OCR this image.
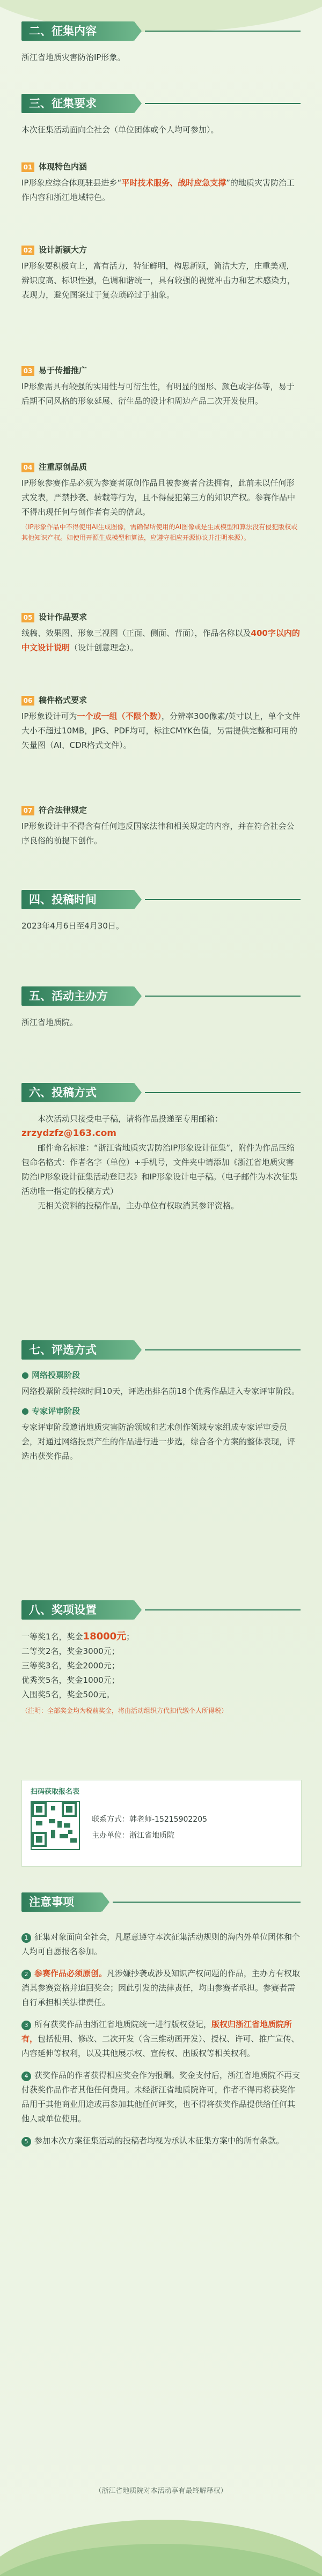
二、征集内容
浙江省地质灾害防治IP形象。
三、征集要求
本次征集活动面向全社会（单位团体或个人均可参加）。
01 体现特色内涵
IP形象应综合体现驻县进乡“平时技术服务、战时应急支撑”的地质灾害防治工作内容和浙江地域特色。
02 设计新颖大方
IP形象要积极向上，富有活力，特征鲜明，构思新颖，简洁大方，庄重美观，辨识度高、标识性强，色调和谐统一，具有较强的视觉冲击力和艺术感染力，表现力，避免图案过于复杂琐碎过于抽象。
03 易于传播推广
IP形象需具有较强的实用性与可衍生性，有明显的图形、颜色或字体等，易于后期不同风格的形象延展、衍生品的设计和周边产品二次开发使用。
04 注重原创品质
IP形象参赛作品必须为参赛者原创作品且被参赛者合法拥有，此前未以任何形式发表，严禁抄袭、转载等行为，且不得侵犯第三方的知识产权。参赛作品中不得出现任何与创作者有关的信息。
（IP形象作品中不得使用AI生成图像，需确保所使用的AI图像或是生成模型和算法没有侵犯版权或其他知识产权。如使用开源生成模型和算法，应遵守相应开源协议并注明来源）。
05 设计作品要求
线稿、效果图、形象三视图（正面、侧面、背面），作品名称以及400字以内的中文设计说明（设计创意理念）。
06 稿件格式要求
IP形象设计可为一个或一组（不限个数），分辨率300像素/英寸以上，单个文件大小不超过10MB，JPG、PDF均可，标注CMYK色值，另需提供完整和可用的矢量图（AI、CDR格式文件）。
07 符合法律规定
IP形象设计中不得含有任何违反国家法律和相关规定的内容，并在符合社会公序良俗的前提下创作。
四、投稿时间
2023年4月6日至4月30日。
五、活动主办方
浙江省地质院。
六、投稿方式
本次活动只接受电子稿，请将作品投递至专用邮箱：zrzydzfz@163.com
邮件命名标准：“浙江省地质灾害防治IP形象设计征集”，附件为作品压缩包命名格式：作者名字（单位）+手机号，文件夹中请添加《浙江省地质灾害防治IP形象设计征集活动登记表》和IP形象设计电子稿。（电子邮件为本次征集活动唯一指定的投稿方式）
无相关资料的投稿作品，主办单位有权取消其参评资格。
七、评选方式
● 网络投票阶段
网络投票阶段持续时间10天，评选出排名前18个优秀作品进入专家评审阶段。
● 专家评审阶段
专家评审阶段邀请地质灾害防治领域和艺术创作领域专家组成专家评审委员会，对通过网络投票产生的作品进行进一步选，综合各个方案的整体表现，评选出获奖作品。
八、奖项设置
一等奖1名，奖金18000元；
二等奖2名，奖金3000元；
三等奖3名，奖金2000元；
优秀奖5名，奖金1000元；
入围奖5名，奖金500元。
（注明：全部奖金均为税前奖金，将由活动组织方代扣代缴个人所得税）
扫码获取报名表
联系方式：韩老师-15215902205
主办单位：浙江省地质院
注意事项
1 征集对象面向全社会，凡愿意遵守本次征集活动规则的海内外单位团体和个人均可自愿报名参加。
2 参赛作品必须原创。凡涉嫌抄袭或涉及知识产权问题的作品，主办方有权取消其参赛资格并追回奖金；因此引发的法律责任，均由参赛者承担。参赛者需自行承担相关法律责任。
3 所有获奖作品由浙江省地质院统一进行版权登记，版权归浙江省地质院所有，包括使用、修改、二次开发（含三维动画开发）、授权、许可、推广宣传、内容延伸等权利，以及其他展示权、宣传权、出版权等相关权利。
4 获奖作品的作者获得相应奖金作为报酬。奖金支付后，浙江省地质院不再支付获奖作品作者其他任何费用。未经浙江省地质院许可，作者不得再将获奖作品用于其他商业用途或再参加其他任何评奖，也不得将获奖作品提供给任何其他人或单位使用。
5 参加本次方案征集活动的投稿者均视为承认本征集方案中的所有条款。
（浙江省地质院对本活动享有最终解释权）
